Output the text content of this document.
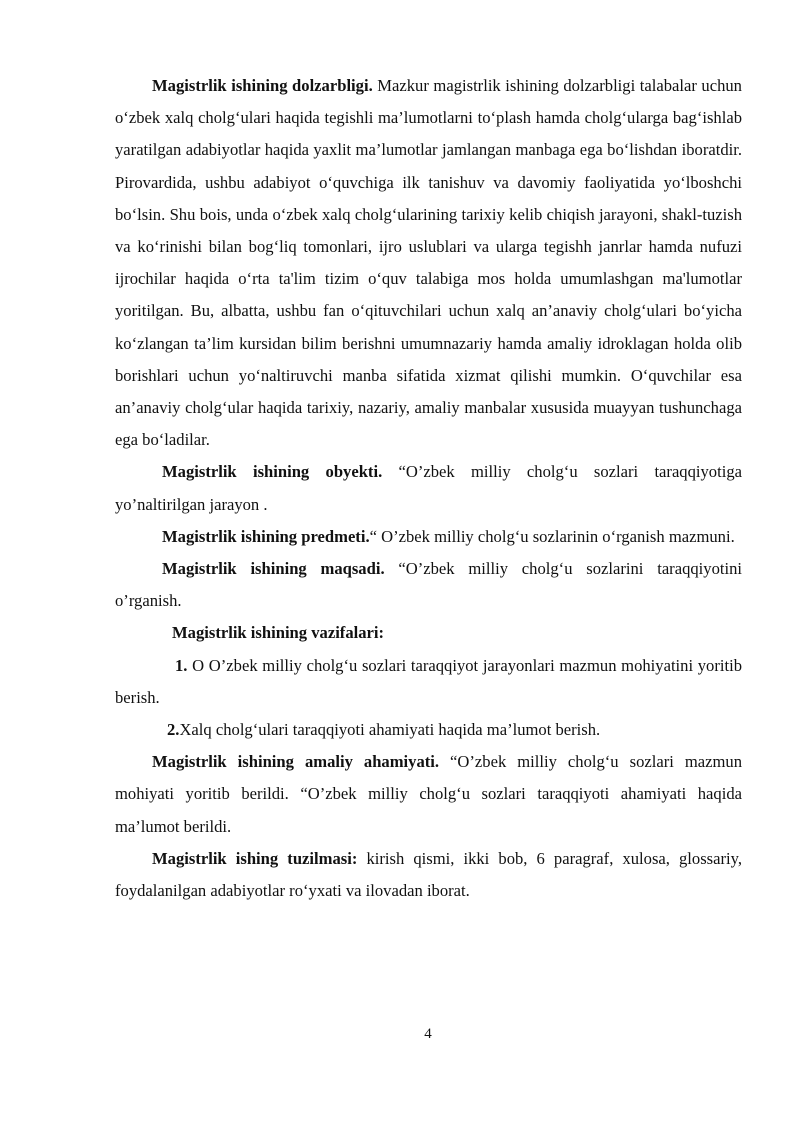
Magistrlik ishining dolzarbligi. Mazkur magistrlik ishining dolzarbligi talabalar uchun o‘zbek xalq cholg‘ulari haqida tegishli ma’lumotlarni to‘plash hamda cholg‘ularga bag‘ishlab yaratilgan adabiyotlar haqida yaxlit ma’lumotlar jamlangan manbaga ega bo‘lishdan iboratdir. Pirovardida, ushbu adabiyot o‘quvchiga ilk tanishuv va davomiy faoliyatida yo‘lboshchi bo‘lsin. Shu bois, unda o‘zbek xalq cholg‘ularining tarixiy kelib chiqish jarayoni, shakl-tuzish va ko‘rinishi bilan bog‘liq tomonlari, ijro uslublari va ularga tegishh janrlar hamda nufuzi ijrochilar haqida o‘rta ta'lim tizim o‘quv talabiga mos holda umumlashgan ma'lumotlar yoritilgan. Bu, albatta, ushbu fan o‘qituvchilari uchun xalq an’anaviy cholg‘ulari bo‘yicha ko‘zlangan ta’lim kursidan bilim berishni umumnazariy hamda amaliy idroklagan holda olib borishlari uchun yo‘naltiruvchi manba sifatida xizmat qilishi mumkin. O‘quvchilar esa an’anaviy cholg‘ular haqida tarixiy, nazariy, amaliy manbalar xususida muayyan tushunchaga ega bo‘ladilar.

Magistrlik ishining obyekti. “O’zbek milliy cholg‘u sozlari taraqqiyotiga yo’naltirilgan jarayon .

Magistrlik ishining predmeti.“ O’zbek milliy cholg‘u sozlarinin o‘rganish mazmuni.

Magistrlik ishining maqsadi. “O’zbek milliy cholg‘u sozlarini taraqqiyotini o’rganish.

Magistrlik ishining vazifalari:

1. O O’zbek milliy cholg‘u sozlari taraqqiyot jarayonlari mazmun mohiyatini yoritib berish.

2.Xalq cholg‘ulari taraqqiyoti ahamiyati haqida ma’lumot berish.

Magistrlik ishining amaliy ahamiyati. “O’zbek milliy cholg‘u sozlari mazmun mohiyati yoritib berildi. “O’zbek milliy cholg‘u sozlari taraqqiyoti ahamiyati haqida ma’lumot berildi.

Magistrlik ishing tuzilmasi: kirish qismi, ikki bob, 6 paragraf, xulosa, glossariy, foydalanilgan adabiyotlar ro‘yxati va ilovadan iborat.

4
